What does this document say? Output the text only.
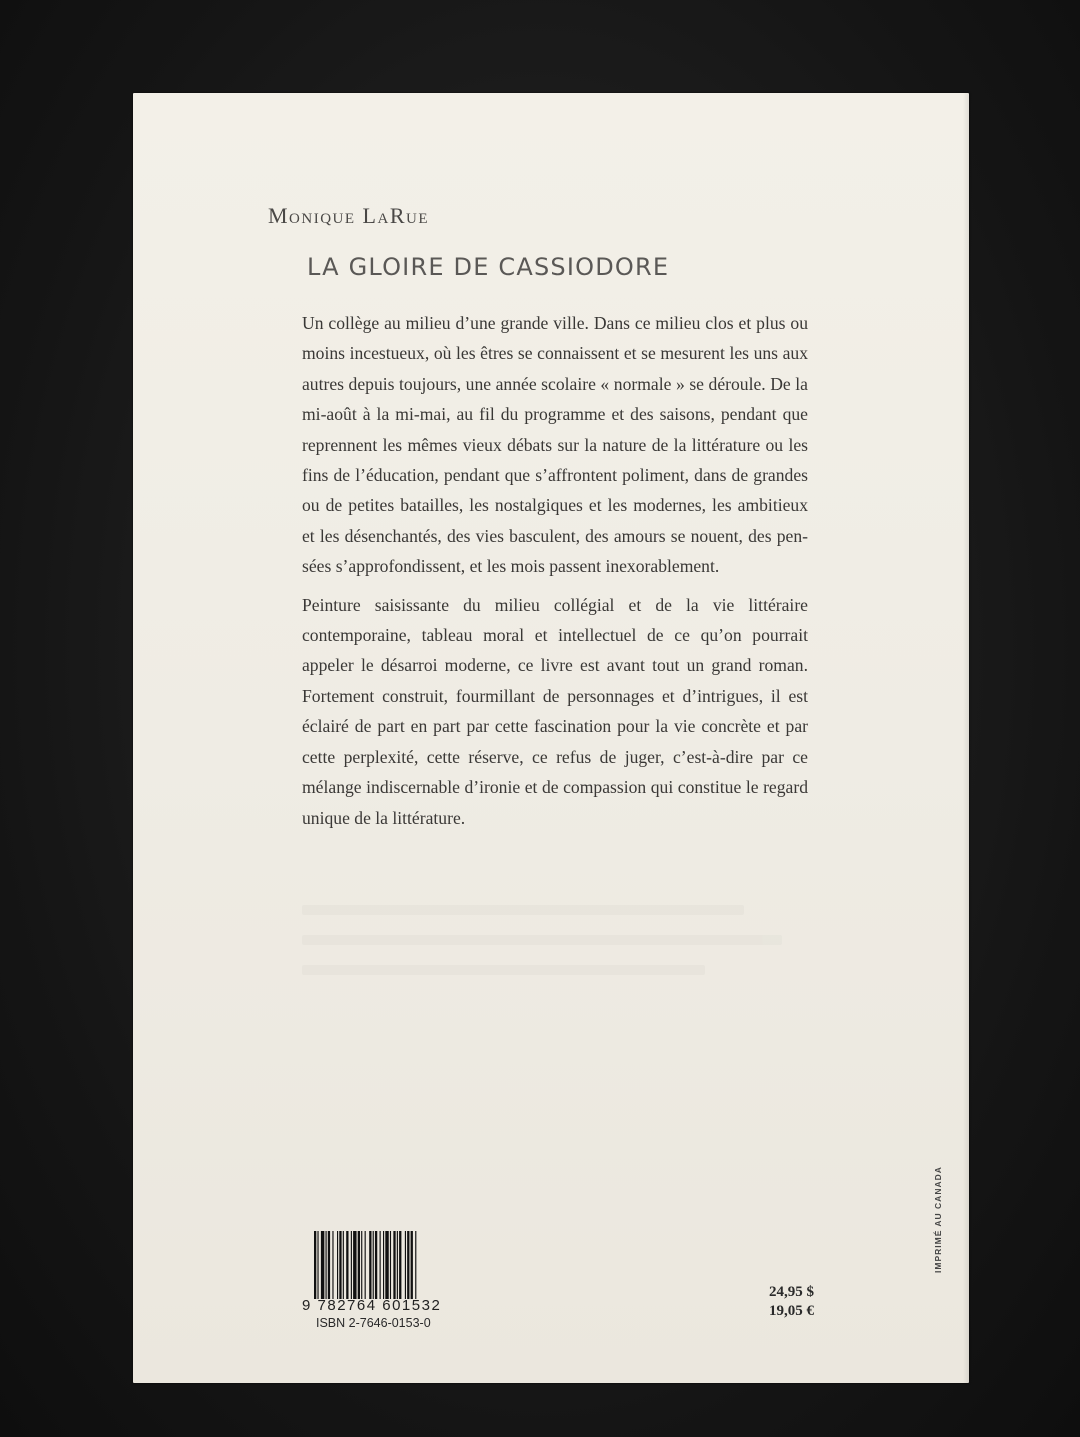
Monique LaRue
LA GLOIRE DE CASSIODORE

Un collège au milieu d’une grande ville. Dans ce milieu clos et plus ou moins incestueux, où les êtres se connaissent et se mesurent les uns aux autres depuis toujours, une année scolaire « normale » se déroule. De la mi-août à la mi-mai, au fil du programme et des saisons, pendant que reprennent les mêmes vieux débats sur la nature de la littérature ou les fins de l’éducation, pendant que s’affrontent poliment, dans de grandes ou de petites batailles, les nostalgiques et les modernes, les ambitieux et les désenchantés, des vies basculent, des amours se nouent, des pensées s’approfondissent, et les mois passent inexorablement.

Peinture saisissante du milieu collégial et de la vie littéraire contemporaine, tableau moral et intellectuel de ce qu’on pourrait appeler le désarroi moderne, ce livre est avant tout un grand roman. Fortement construit, fourmillant de personnages et d’intrigues, il est éclairé de part en part par cette fascination pour la vie concrète et par cette perplexité, cette réserve, ce refus de juger, c’est-à-dire par ce mélange indiscernable d’ironie et de compassion qui constitue le regard unique de la littérature.

9 782764 601532
ISBN 2-7646-0153-0
24,95 $
19,05 €
IMPRIMÉ AU CANADA
